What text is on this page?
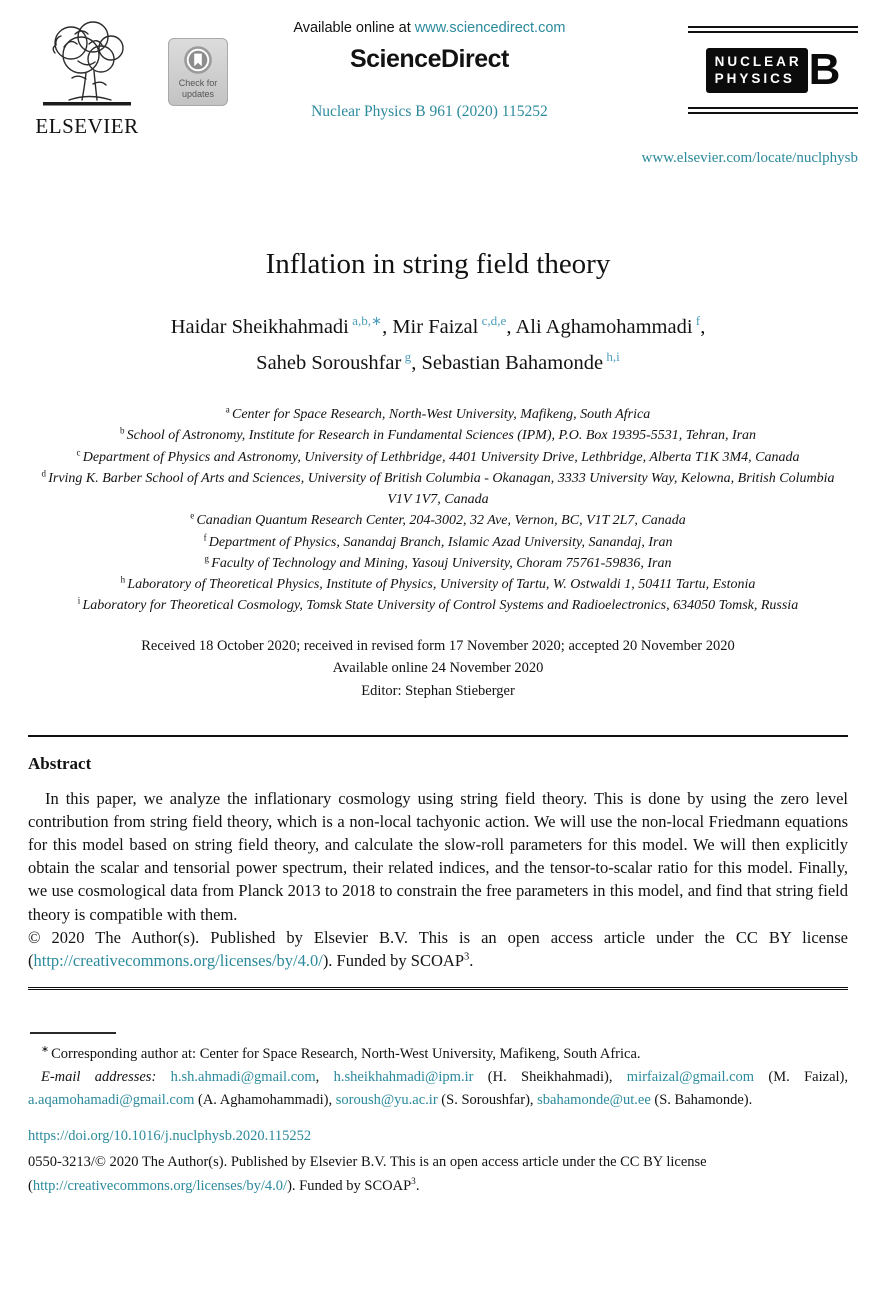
ELSEVIER
Check for
updates
Available online at www.sciencedirect.com
ScienceDirect
Nuclear Physics B 961 (2020) 115252
NUCLEAR
PHYSICS B
www.elsevier.com/locate/nuclphysb
Inflation in string field theory
Haidar Sheikhahmadi $^{a,b,∗}$, Mir Faizal $^{c,d,e}$, Ali Aghamohammadi $^f$,
Saheb Soroushfar $^g$, Sebastian Bahamonde $^{h,i}$
$^a$ Center for Space Research, North-West University, Mafikeng, South Africa
$^b$ School of Astronomy, Institute for Research in Fundamental Sciences (IPM), P.O. Box 19395-5531, Tehran, Iran
$^c$ Department of Physics and Astronomy, University of Lethbridge, 4401 University Drive, Lethbridge, Alberta T1K 3M4, Canada
$^d$ Irving K. Barber School of Arts and Sciences, University of British Columbia - Okanagan, 3333 University Way, Kelowna, British Columbia V1V 1V7, Canada
$^e$ Canadian Quantum Research Center, 204-3002, 32 Ave, Vernon, BC, V1T 2L7, Canada
$^f$ Department of Physics, Sanandaj Branch, Islamic Azad University, Sanandaj, Iran
$^g$ Faculty of Technology and Mining, Yasouj University, Choram 75761-59836, Iran
$^h$ Laboratory of Theoretical Physics, Institute of Physics, University of Tartu, W. Ostwaldi 1, 50411 Tartu, Estonia
$^i$ Laboratory for Theoretical Cosmology, Tomsk State University of Control Systems and Radioelectronics, 634050 Tomsk, Russia
Received 18 October 2020; received in revised form 17 November 2020; accepted 20 November 2020
Available online 24 November 2020
Editor: Stephan Stieberger
Abstract

In this paper, we analyze the inflationary cosmology using string field theory. This is done by using the zero level contribution from string field theory, which is a non-local tachyonic action. We will use the non-local Friedmann equations for this model based on string field theory, and calculate the slow-roll parameters for this model. We will then explicitly obtain the scalar and tensorial power spectrum, their related indices, and the tensor-to-scalar ratio for this model. Finally, we use cosmological data from Planck 2013 to 2018 to constrain the free parameters in this model, and find that string field theory is compatible with them.

© 2020 The Author(s). Published by Elsevier B.V. This is an open access article under the CC BY license (http://creativecommons.org/licenses/by/4.0/). Funded by SCOAP$^3$.

∗ Corresponding author at: Center for Space Research, North-West University, Mafikeng, South Africa.

E-mail addresses: h.sh.ahmadi@gmail.com, h.sheikhahmadi@ipm.ir (H. Sheikhahmadi), mirfaizal@gmail.com (M. Faizal), a.aqamohamadi@gmail.com (A. Aghamohammadi), soroush@yu.ac.ir (S. Soroushfar), sbahamonde@ut.ee (S. Bahamonde).

https://doi.org/10.1016/j.nuclphysb.2020.115252

0550-3213/© 2020 The Author(s). Published by Elsevier B.V. This is an open access article under the CC BY license (http://creativecommons.org/licenses/by/4.0/). Funded by SCOAP$^3$.
